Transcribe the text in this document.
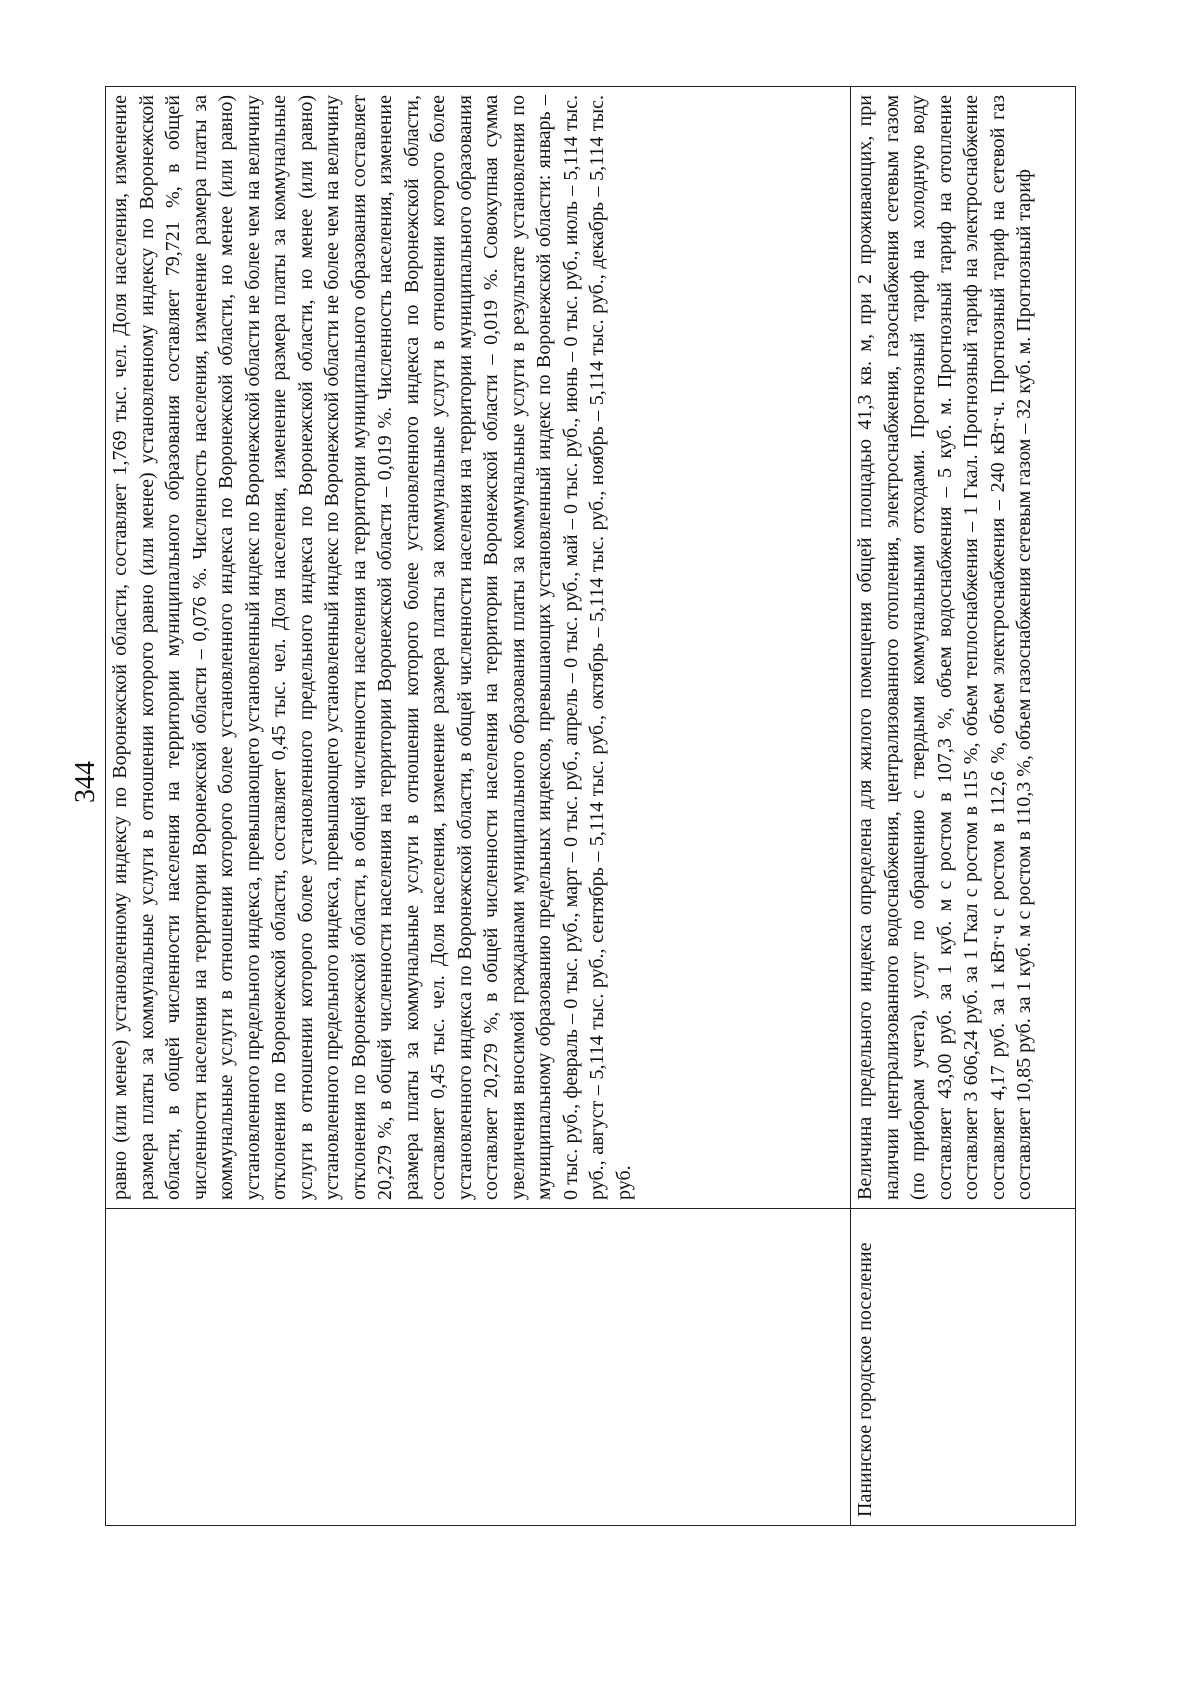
344
	равно (или менее) установленному индексу по Воронежской области, составляет 1,769 тыс. чел. Доля населения, изменение размера платы за коммунальные услуги в отношении которого равно (или менее) установленному индексу по Воронежской области, в общей численности населения на территории муниципального образования составляет 79,721 %, в общей численности населения на территории Воронежской области – 0,076 %. Численность населения, изменение размера платы за коммунальные услуги в отношении которого более установленного индекса по Воронежской области, но менее (или равно) установленного предельного индекса, превышающего установленный индекс по Воронежской области не более чем на величину отклонения по Воронежской области, составляет 0,45 тыс. чел. Доля населения, изменение размера платы за коммунальные услуги в отношении которого более установленного предельного индекса по Воронежской области, но менее (или равно) установленного предельного индекса, превышающего установленный индекс по Воронежской области не более чем на величину отклонения по Воронежской области, в общей численности населения на территории муниципального образования составляет 20,279 %, в общей численности населения на территории Воронежской области – 0,019 %. Численность населения, изменение размера платы за коммунальные услуги в отношении которого более установленного индекса по Воронежской области, составляет 0,45 тыс. чел. Доля населения, изменение размера платы за коммунальные услуги в отношении которого более установленного индекса по Воронежской области, в общей численности населения на территории муниципального образования составляет 20,279 %, в общей численности населения на территории Воронежской области – 0,019 %. Совокупная сумма увеличения вносимой гражданами муниципального образования платы за коммунальные услуги в результате установления по муниципальному образованию предельных индексов, превышающих установленный индекс по Воронежской области: январь – 0 тыс. руб., февраль – 0 тыс. руб., март – 0 тыс. руб., апрель – 0 тыс. руб., май – 0 тыс. руб., июнь – 0 тыс. руб., июль – 5,114 тыс. руб., август – 5,114 тыс. руб., сентябрь – 5,114 тыс. руб., октябрь – 5,114 тыс. руб., ноябрь – 5,114 тыс. руб., декабрь – 5,114 тыс. руб.
Панинское городское поселение	Величина предельного индекса определена для жилого помещения общей площадью 41,3 кв. м, при 2 проживающих, при наличии централизованного водоснабжения, централизованного отопления, электроснабжения, газоснабжения сетевым газом (по приборам учета), услуг по обращению с твердыми коммунальными отходами. Прогнозный тариф на холодную воду составляет 43,00 руб. за 1 куб. м с ростом в 107,3 %, объем водоснабжения – 5 куб. м. Прогнозный тариф на отопление составляет 3 606,24 руб. за 1 Гкал с ростом в 115 %, объем теплоснабжения – 1 Гкал. Прогнозный тариф на электроснабжение составляет 4,17 руб. за 1 кВт·ч с ростом в 112,6 %, объем электроснабжения – 240 кВт·ч. Прогнозный тариф на сетевой газ составляет 10,85 руб. за 1 куб. м с ростом в 110,3 %, объем газоснабжения сетевым газом – 32 куб. м. Прогнозный тариф
